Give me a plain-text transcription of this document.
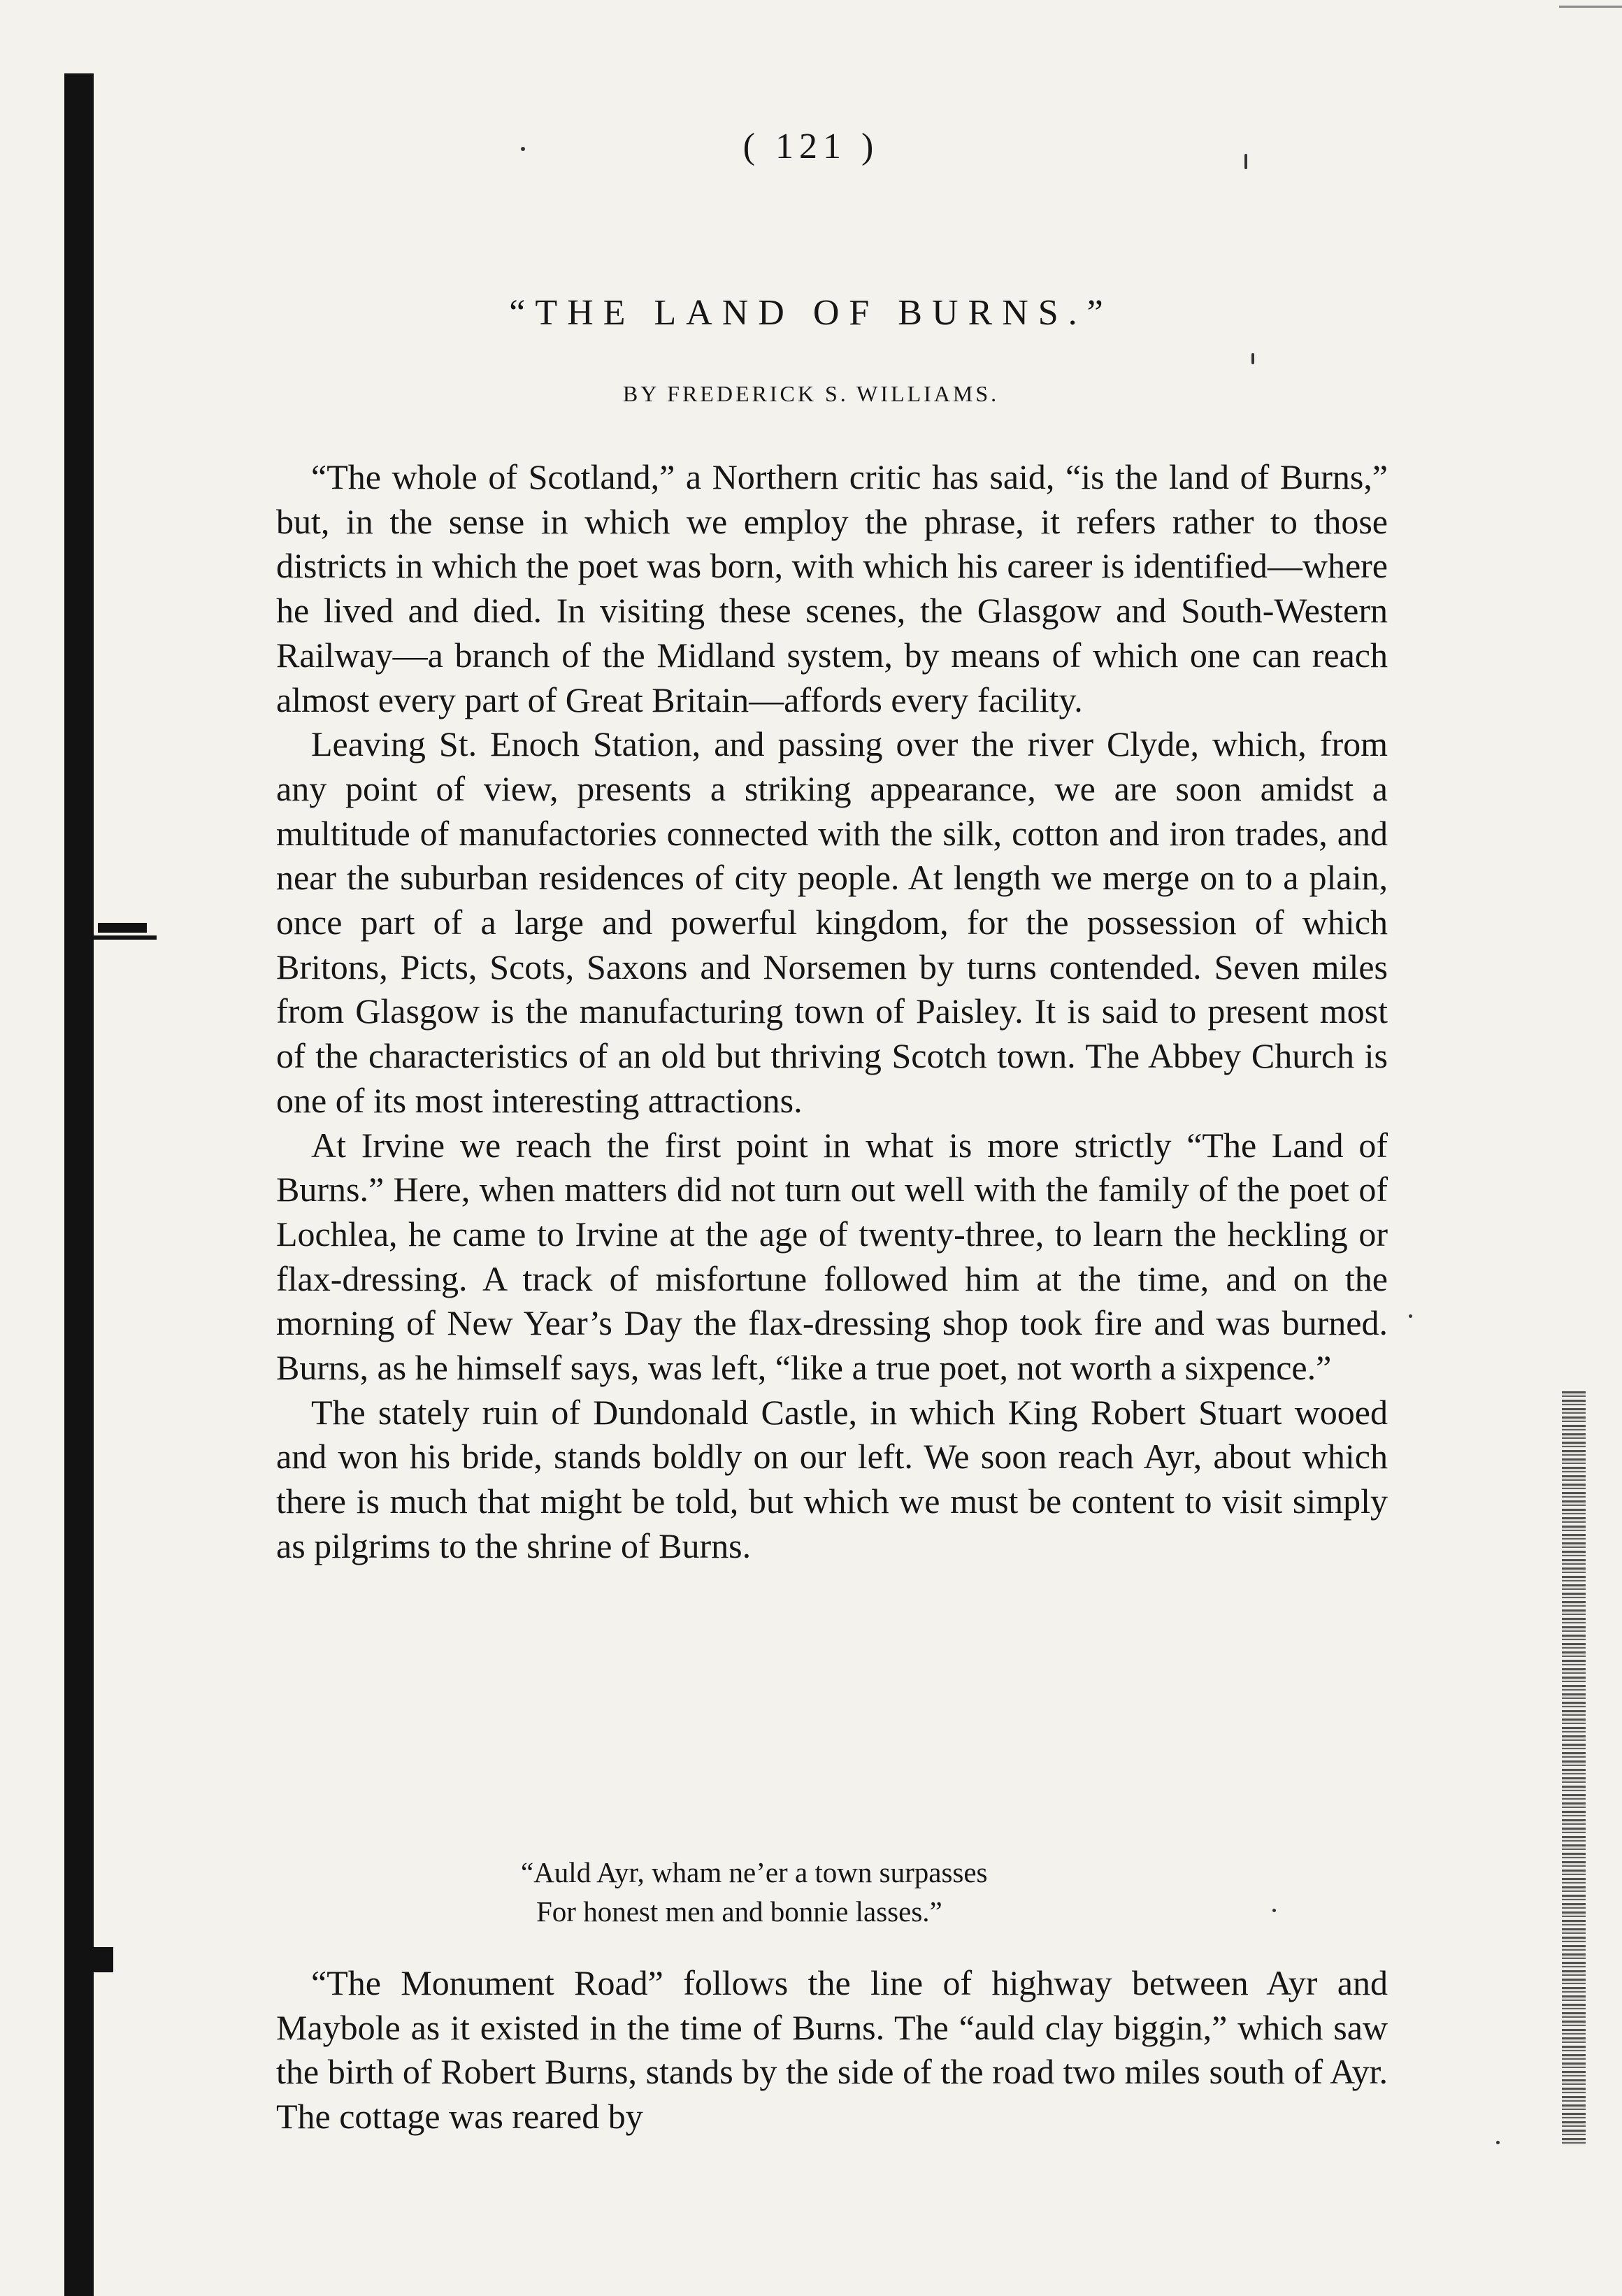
( 121 )
“THE LAND OF BURNS.”
BY FREDERICK S. WILLIAMS.

“The whole of Scotland,” a Northern critic has said, “is the land of Burns,” but, in the sense in which we employ the phrase, it refers rather to those districts in which the poet was born, with which his career is identified—where he lived and died. In visiting these scenes, the Glasgow and South-Western Railway—a branch of the Midland system, by means of which one can reach almost every part of Great Britain—affords every facility.

Leaving St. Enoch Station, and passing over the river Clyde, which, from any point of view, presents a striking appearance, we are soon amidst a multitude of manufactories connected with the silk, cotton and iron trades, and near the suburban residences of city people. At length we merge on to a plain, once part of a large and powerful kingdom, for the possession of which Britons, Picts, Scots, Saxons and Norsemen by turns contended. Seven miles from Glasgow is the manufacturing town of Paisley. It is said to present most of the characteristics of an old but thriving Scotch town. The Abbey Church is one of its most interesting attractions.

At Irvine we reach the first point in what is more strictly “The Land of Burns.” Here, when matters did not turn out well with the family of the poet of Lochlea, he came to Irvine at the age of twenty-three, to learn the heckling or flax-dressing. A track of misfortune followed him at the time, and on the morning of New Year’s Day the flax-dressing shop took fire and was burned. Burns, as he himself says, was left, “like a true poet, not worth a sixpence.”

The stately ruin of Dundonald Castle, in which King Robert Stuart wooed and won his bride, stands boldly on our left. We soon reach Ayr, about which there is much that might be told, but which we must be content to visit simply as pilgrims to the shrine of Burns.

“Auld Ayr, wham ne’er a town surpasses
For honest men and bonnie lasses.”

“The Monument Road” follows the line of highway between Ayr and Maybole as it existed in the time of Burns. The “auld clay biggin,” which saw the birth of Robert Burns, stands by the side of the road two miles south of Ayr. The cottage was reared by
